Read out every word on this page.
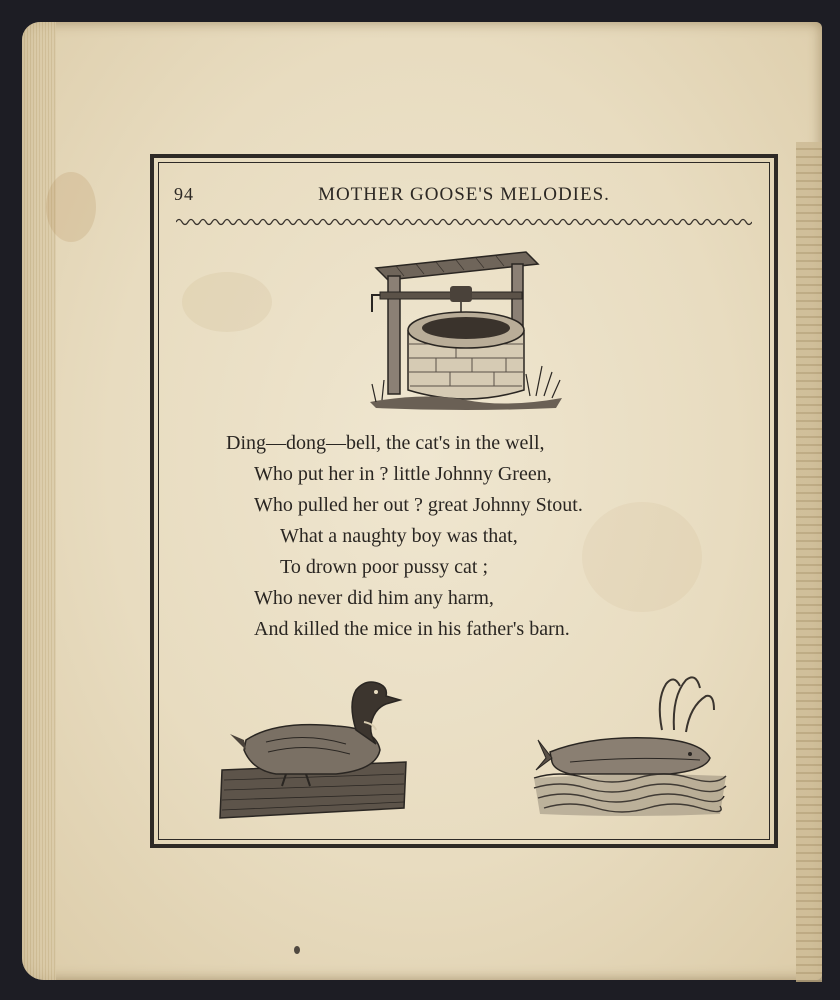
94	MOTHER GOOSE'S MELODIES.
Ding—dong—bell, the cat's in the well,
Who put her in ? little Johnny Green,
Who pulled her out ? great Johnny Stout.
What a naughty boy was that,
To drown poor pussy cat ;
Who never did him any harm,
And killed the mice in his father's barn.
